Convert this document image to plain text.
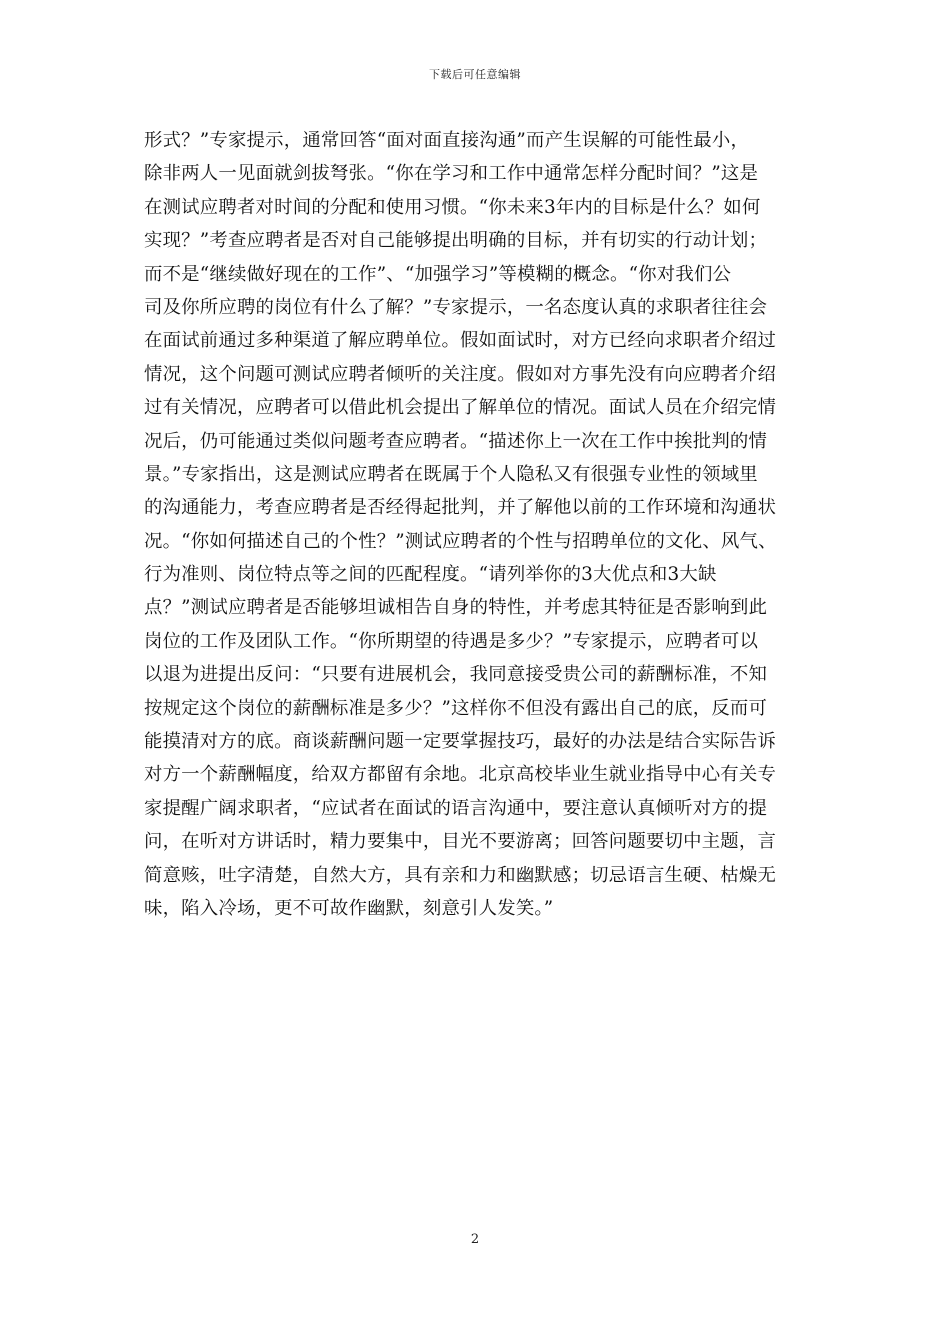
下载后可任意编辑
形式？”专家提示，通常回答“面对面直接沟通”而产生误解的可能性最小，
除非两人一见面就剑拔弩张。“你在学习和工作中通常怎样分配时间？”这是
在测试应聘者对时间的分配和使用习惯。“你未来3年内的目标是什么？如何
实现？”考查应聘者是否对自己能够提出明确的目标，并有切实的行动计划；
而不是“继续做好现在的工作”、“加强学习”等模糊的概念。“你对我们公
司及你所应聘的岗位有什么了解？”专家提示，一名态度认真的求职者往往会
在面试前通过多种渠道了解应聘单位。假如面试时，对方已经向求职者介绍过
情况，这个问题可测试应聘者倾听的关注度。假如对方事先没有向应聘者介绍
过有关情况，应聘者可以借此机会提出了解单位的情况。面试人员在介绍完情
况后，仍可能通过类似问题考查应聘者。“描述你上一次在工作中挨批判的情
景。”专家指出，这是测试应聘者在既属于个人隐私又有很强专业性的领域里
的沟通能力，考查应聘者是否经得起批判，并了解他以前的工作环境和沟通状
况。“你如何描述自己的个性？”测试应聘者的个性与招聘单位的文化、风气、
行为准则、岗位特点等之间的匹配程度。“请列举你的3大优点和3大缺
点？”测试应聘者是否能够坦诚相告自身的特性，并考虑其特征是否影响到此
岗位的工作及团队工作。“你所期望的待遇是多少？”专家提示，应聘者可以
以退为进提出反问：“只要有进展机会，我同意接受贵公司的薪酬标准，不知
按规定这个岗位的薪酬标准是多少？”这样你不但没有露出自己的底，反而可
能摸清对方的底。商谈薪酬问题一定要掌握技巧，最好的办法是结合实际告诉
对方一个薪酬幅度，给双方都留有余地。北京高校毕业生就业指导中心有关专
家提醒广阔求职者，“应试者在面试的语言沟通中，要注意认真倾听对方的提
问，在听对方讲话时，精力要集中，目光不要游离；回答问题要切中主题，言
简意赅，吐字清楚，自然大方，具有亲和力和幽默感；切忌语言生硬、枯燥无
味，陷入冷场，更不可故作幽默，刻意引人发笑。”
2
